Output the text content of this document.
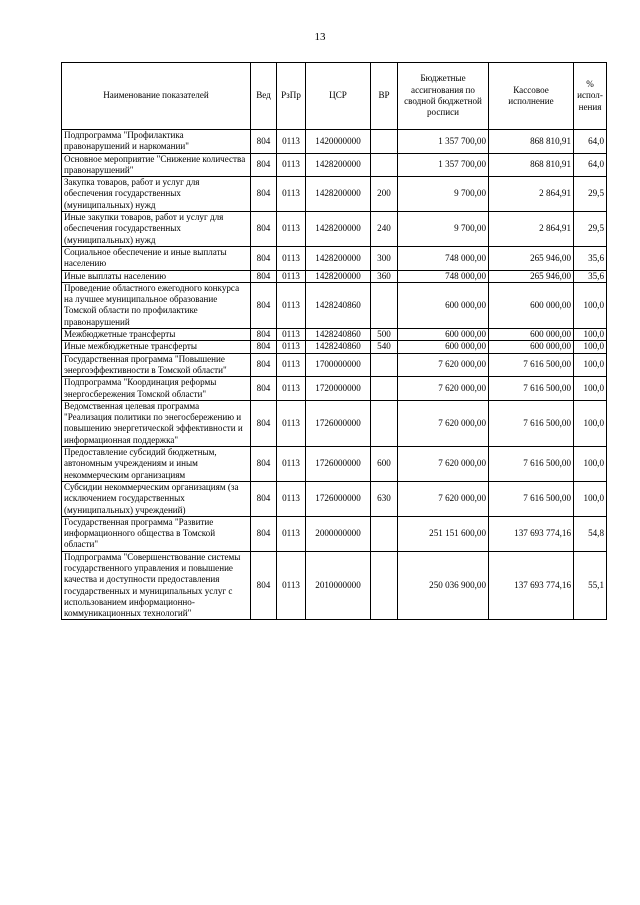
13
Наименование показателей	Вед	РзПр	ЦСР	ВР	Бюджетные ассигнования по сводной бюджетной росписи	Кассовое исполнение	% испол-нения
Подпрограмма "Профилактика правонарушений и наркомании"	804	0113	1420000000		1 357 700,00	868 810,91	64,0
Основное мероприятие "Снижение количества правонарушений"	804	0113	1428200000		1 357 700,00	868 810,91	64,0
Закупка товаров, работ и услуг для обеспечения государственных (муниципальных) нужд	804	0113	1428200000	200	9 700,00	2 864,91	29,5
Иные закупки товаров, работ и услуг для обеспечения государственных (муниципальных) нужд	804	0113	1428200000	240	9 700,00	2 864,91	29,5
Социальное обеспечение и иные выплаты населению	804	0113	1428200000	300	748 000,00	265 946,00	35,6
Иные выплаты населению	804	0113	1428200000	360	748 000,00	265 946,00	35,6
Проведение областного ежегодного конкурса на лучшее муниципальное образование Томской области по профилактике правонарушений	804	0113	1428240860		600 000,00	600 000,00	100,0
Межбюджетные трансферты	804	0113	1428240860	500	600 000,00	600 000,00	100,0
Иные межбюджетные трансферты	804	0113	1428240860	540	600 000,00	600 000,00	100,0
Государственная программа "Повышение энергоэффективности в Томской области"	804	0113	1700000000		7 620 000,00	7 616 500,00	100,0
Подпрограмма "Координация реформы энергосбережения Томской области"	804	0113	1720000000		7 620 000,00	7 616 500,00	100,0
Ведомственная целевая программа "Реализация политики по энегосбережению и повышению энергетической эффективности и информационная поддержка"	804	0113	1726000000		7 620 000,00	7 616 500,00	100,0
Предоставление субсидий бюджетным, автономным учреждениям и иным некоммерческим организациям	804	0113	1726000000	600	7 620 000,00	7 616 500,00	100,0
Субсидии некоммерческим организациям (за исключением государственных (муниципальных) учреждений)	804	0113	1726000000	630	7 620 000,00	7 616 500,00	100,0
Государственная программа "Развитие информационного общества в Томской области"	804	0113	2000000000		251 151 600,00	137 693 774,16	54,8
Подпрограмма "Совершенствование системы государственного управления и повышение качества и доступности предоставления государственных и муниципальных услуг с использованием информационно-коммуникационных технологий"	804	0113	2010000000		250 036 900,00	137 693 774,16	55,1
